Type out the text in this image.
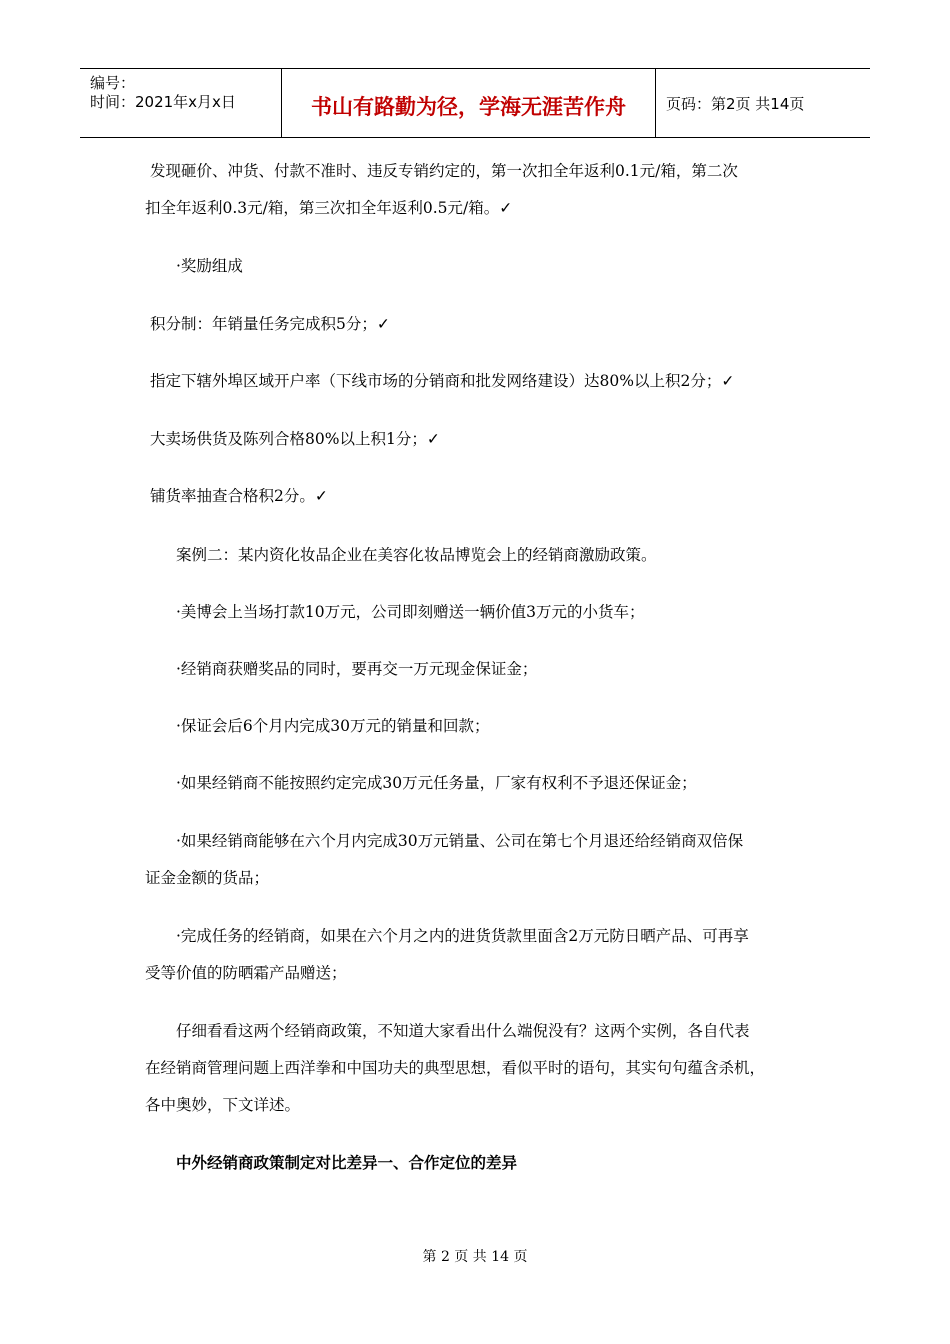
编号：
时间：2021年x月x日	书山有路勤为径，学海无涯苦作舟	页码：第2页 共14页
发现砸价、冲货、付款不准时、违反专销约定的，第一次扣全年返利0.1元/箱，第二次
扣全年返利0.3元/箱，第三次扣全年返利0.5元/箱。✓
·奖励组成
积分制：年销量任务完成积5分；✓
指定下辖外埠区域开户率（下线市场的分销商和批发网络建设）达80%以上积2分；✓
大卖场供货及陈列合格80%以上积1分；✓
铺货率抽查合格积2分。✓
案例二：某内资化妆品企业在美容化妆品博览会上的经销商激励政策。
·美博会上当场打款10万元，公司即刻赠送一辆价值3万元的小货车；
·经销商获赠奖品的同时，要再交一万元现金保证金；
·保证会后6个月内完成30万元的销量和回款；
·如果经销商不能按照约定完成30万元任务量，厂家有权利不予退还保证金；
·如果经销商能够在六个月内完成30万元销量、公司在第七个月退还给经销商双倍保
证金金额的货品；
·完成任务的经销商，如果在六个月之内的进货货款里面含2万元防日晒产品、可再享
受等价值的防晒霜产品赠送；
仔细看看这两个经销商政策，不知道大家看出什么端倪没有？这两个实例，各自代表
在经销商管理问题上西洋拳和中国功夫的典型思想，看似平时的语句，其实句句蕴含杀机，
各中奥妙，下文详述。
中外经销商政策制定对比差异一、合作定位的差异
第 2 页 共 14 页
